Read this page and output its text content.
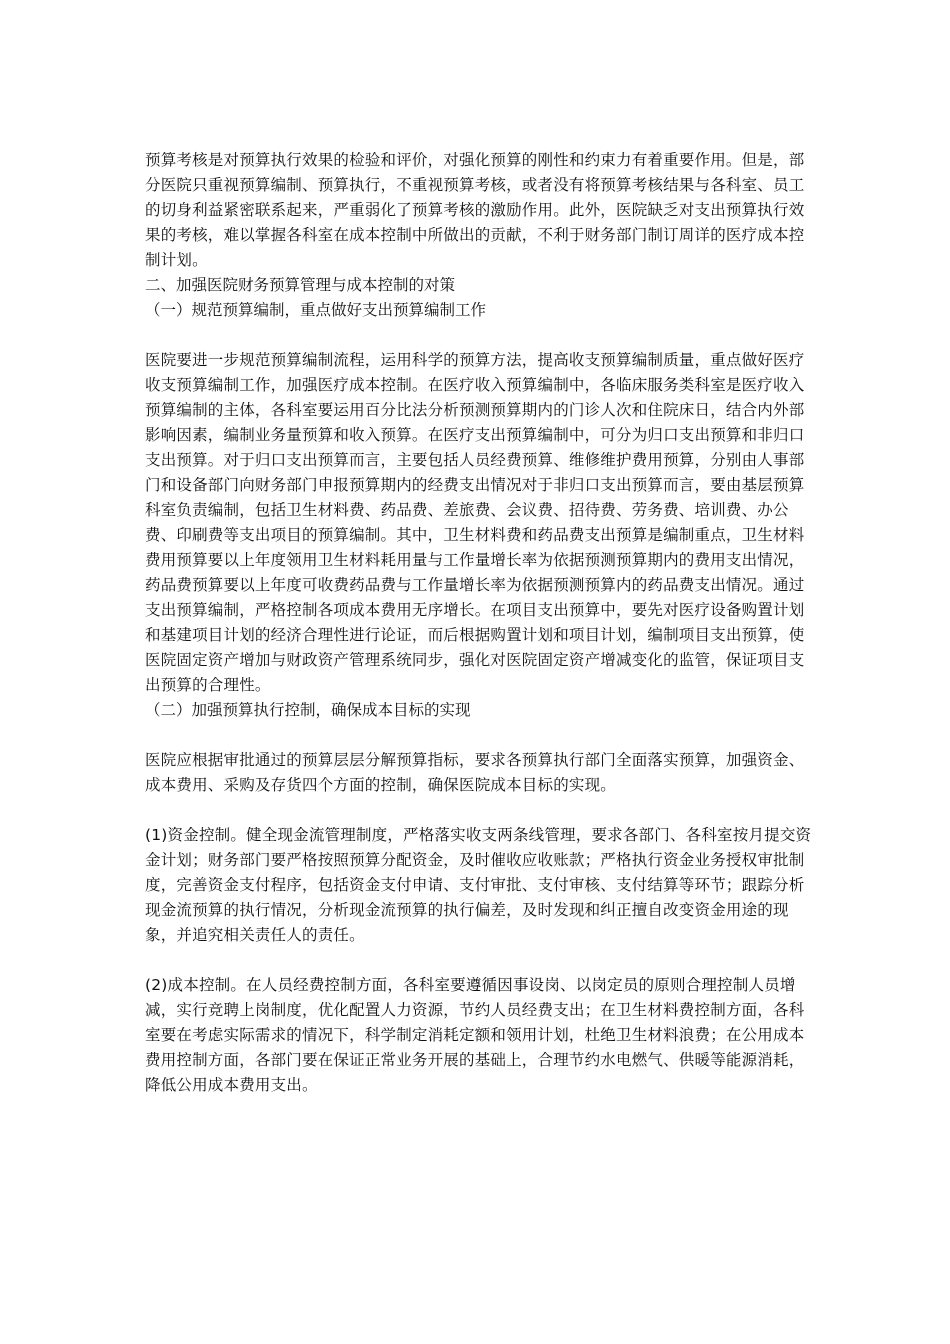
预算考核是对预算执行效果的检验和评价，对强化预算的刚性和约束力有着重要作用。但是，部分医院只重视预算编制、预算执行，不重视预算考核，或者没有将预算考核结果与各科室、员工的切身利益紧密联系起来，严重弱化了预算考核的激励作用。此外，医院缺乏对支出预算执行效果的考核，难以掌握各科室在成本控制中所做出的贡献，不利于财务部门制订周详的医疗成本控制计划。

二、加强医院财务预算管理与成本控制的对策

（一）规范预算编制，重点做好支出预算编制工作

医院要进一步规范预算编制流程，运用科学的预算方法，提高收支预算编制质量，重点做好医疗收支预算编制工作，加强医疗成本控制。在医疗收入预算编制中，各临床服务类科室是医疗收入预算编制的主体，各科室要运用百分比法分析预测预算期内的门诊人次和住院床日，结合内外部影响因素，编制业务量预算和收入预算。在医疗支出预算编制中，可分为归口支出预算和非归口支出预算。对于归口支出预算而言，主要包括人员经费预算、维修维护费用预算，分别由人事部门和设备部门向财务部门申报预算期内的经费支出情况对于非归口支出预算而言，要由基层预算科室负责编制，包括卫生材料费、药品费、差旅费、会议费、招待费、劳务费、培训费、办公费、印刷费等支出项目的预算编制。其中，卫生材料费和药品费支出预算是编制重点，卫生材料费用预算要以上年度领用卫生材料耗用量与工作量增长率为依据预测预算期内的费用支出情况，药品费预算要以上年度可收费药品费与工作量增长率为依据预测预算内的药品费支出情况。通过支出预算编制，严格控制各项成本费用无序增长。在项目支出预算中，要先对医疗设备购置计划和基建项目计划的经济合理性进行论证，而后根据购置计划和项目计划，编制项目支出预算，使医院固定资产增加与财政资产管理系统同步，强化对医院固定资产增减变化的监管，保证项目支出预算的合理性。

（二）加强预算执行控制，确保成本目标的实现

医院应根据审批通过的预算层层分解预算指标，要求各预算执行部门全面落实预算，加强资金、成本费用、采购及存货四个方面的控制，确保医院成本目标的实现。

(1)资金控制。健全现金流管理制度，严格落实收支两条线管理，要求各部门、各科室按月提交资金计划；财务部门要严格按照预算分配资金，及时催收应收账款；严格执行资金业务授权审批制度，完善资金支付程序，包括资金支付申请、支付审批、支付审核、支付结算等环节；跟踪分析现金流预算的执行情况，分析现金流预算的执行偏差，及时发现和纠正擅自改变资金用途的现象，并追究相关责任人的责任。

(2)成本控制。在人员经费控制方面，各科室要遵循因事设岗、以岗定员的原则合理控制人员增减，实行竞聘上岗制度，优化配置人力资源，节约人员经费支出；在卫生材料费控制方面，各科室要在考虑实际需求的情况下，科学制定消耗定额和领用计划，杜绝卫生材料浪费；在公用成本费用控制方面，各部门要在保证正常业务开展的基础上，合理节约水电燃气、供暖等能源消耗，降低公用成本费用支出。
